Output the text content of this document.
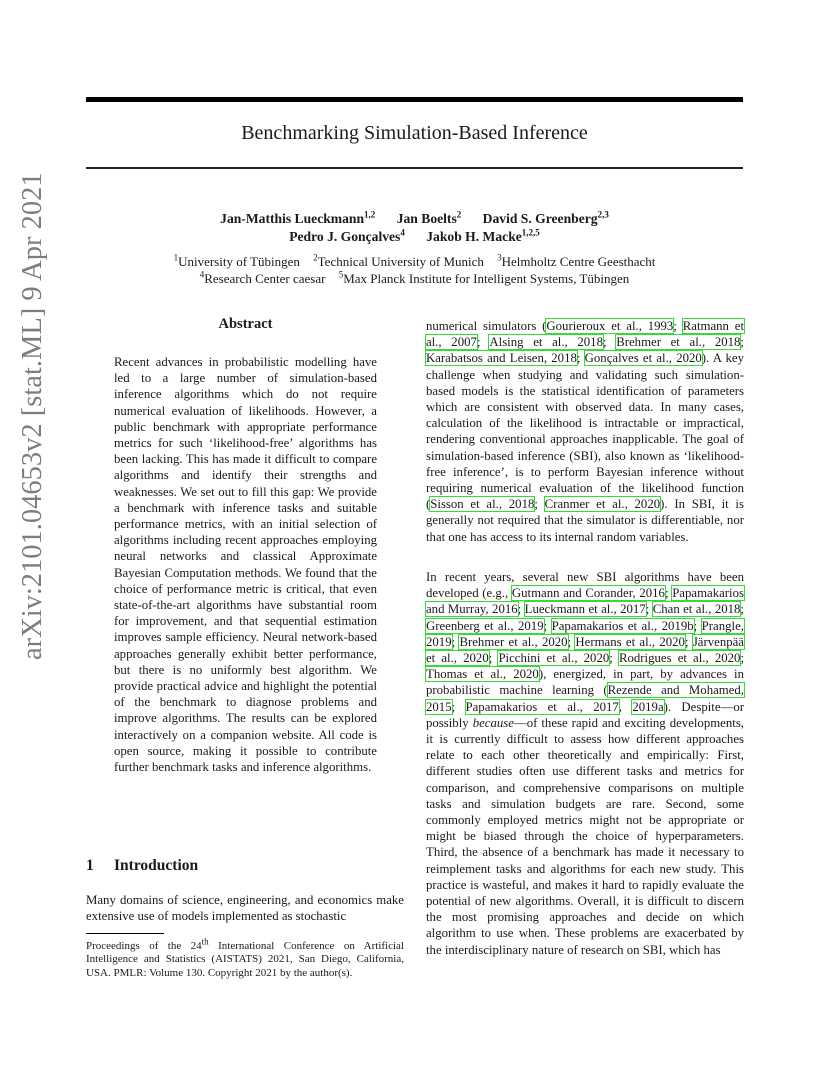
arXiv:2101.04653v2 [stat.ML] 9 Apr 2021
Benchmarking Simulation-Based Inference
Jan-Matthis Lueckmann$^{1,2}$ Jan Boelts$^2$ David S. Greenberg$^{2,3}$
Pedro J. Gonçalves$^4$ Jakob H. Macke$^{1,2,5}$
$^1$University of Tübingen $^2$Technical University of Munich $^3$Helmholtz Centre Geesthacht
$^4$Research Center caesar $^5$Max Planck Institute for Intelligent Systems, Tübingen
Abstract
Recent advances in probabilistic modelling have led to a large number of simulation-based inference algorithms which do not require numerical evaluation of likelihoods. However, a public benchmark with appropriate performance metrics for such ‘likelihood-free’ algorithms has been lacking. This has made it difficult to compare algorithms and identify their strengths and weaknesses. We set out to fill this gap: We provide a benchmark with inference tasks and suitable performance metrics, with an initial selection of algorithms including recent approaches employing neural networks and classical Approximate Bayesian Computation methods. We found that the choice of performance metric is critical, that even state-of-the-art algorithms have substantial room for improvement, and that sequential estimation improves sample efficiency. Neural network-based approaches generally exhibit better performance, but there is no uniformly best algorithm. We provide practical advice and highlight the potential of the benchmark to diagnose problems and improve algorithms. The results can be explored interactively on a companion website. All code is open source, making it possible to contribute further benchmark tasks and inference algorithms.
1 Introduction
Many domains of science, engineering, and economics make extensive use of models implemented as stochastic
Proceedings of the 24th International Conference on Artificial Intelligence and Statistics (AISTATS) 2021, San Diego, California, USA. PMLR: Volume 130. Copyright 2021 by the author(s).
numerical simulators (Gourieroux et al., 1993; Ratmann et al., 2007; Alsing et al., 2018; Brehmer et al., 2018; Karabatsos and Leisen, 2018; Gonçalves et al., 2020). A key challenge when studying and validating such simulation-based models is the statistical identification of parameters which are consistent with observed data. In many cases, calculation of the likelihood is intractable or impractical, rendering conventional approaches inapplicable. The goal of simulation-based inference (SBI), also known as ‘likelihood-free inference’, is to perform Bayesian inference without requiring numerical evaluation of the likelihood function (Sisson et al., 2018; Cranmer et al., 2020). In SBI, it is generally not required that the simulator is differentiable, nor that one has access to its internal random variables.
In recent years, several new SBI algorithms have been developed (e.g., Gutmann and Corander, 2016; Papamakarios and Murray, 2016; Lueckmann et al., 2017; Chan et al., 2018; Greenberg et al., 2019; Papamakarios et al., 2019b; Prangle, 2019; Brehmer et al., 2020; Hermans et al., 2020; Järvenpää et al., 2020; Picchini et al., 2020; Rodrigues et al., 2020; Thomas et al., 2020), energized, in part, by advances in probabilistic machine learning (Rezende and Mohamed, 2015; Papamakarios et al., 2017, 2019a). Despite—or possibly because—of these rapid and exciting developments, it is currently difficult to assess how different approaches relate to each other theoretically and empirically: First, different studies often use different tasks and metrics for comparison, and comprehensive comparisons on multiple tasks and simulation budgets are rare. Second, some commonly employed metrics might not be appropriate or might be biased through the choice of hyperparameters. Third, the absence of a benchmark has made it necessary to reimplement tasks and algorithms for each new study. This practice is wasteful, and makes it hard to rapidly evaluate the potential of new algorithms. Overall, it is difficult to discern the most promising approaches and decide on which algorithm to use when. These problems are exacerbated by the interdisciplinary nature of research on SBI, which has
